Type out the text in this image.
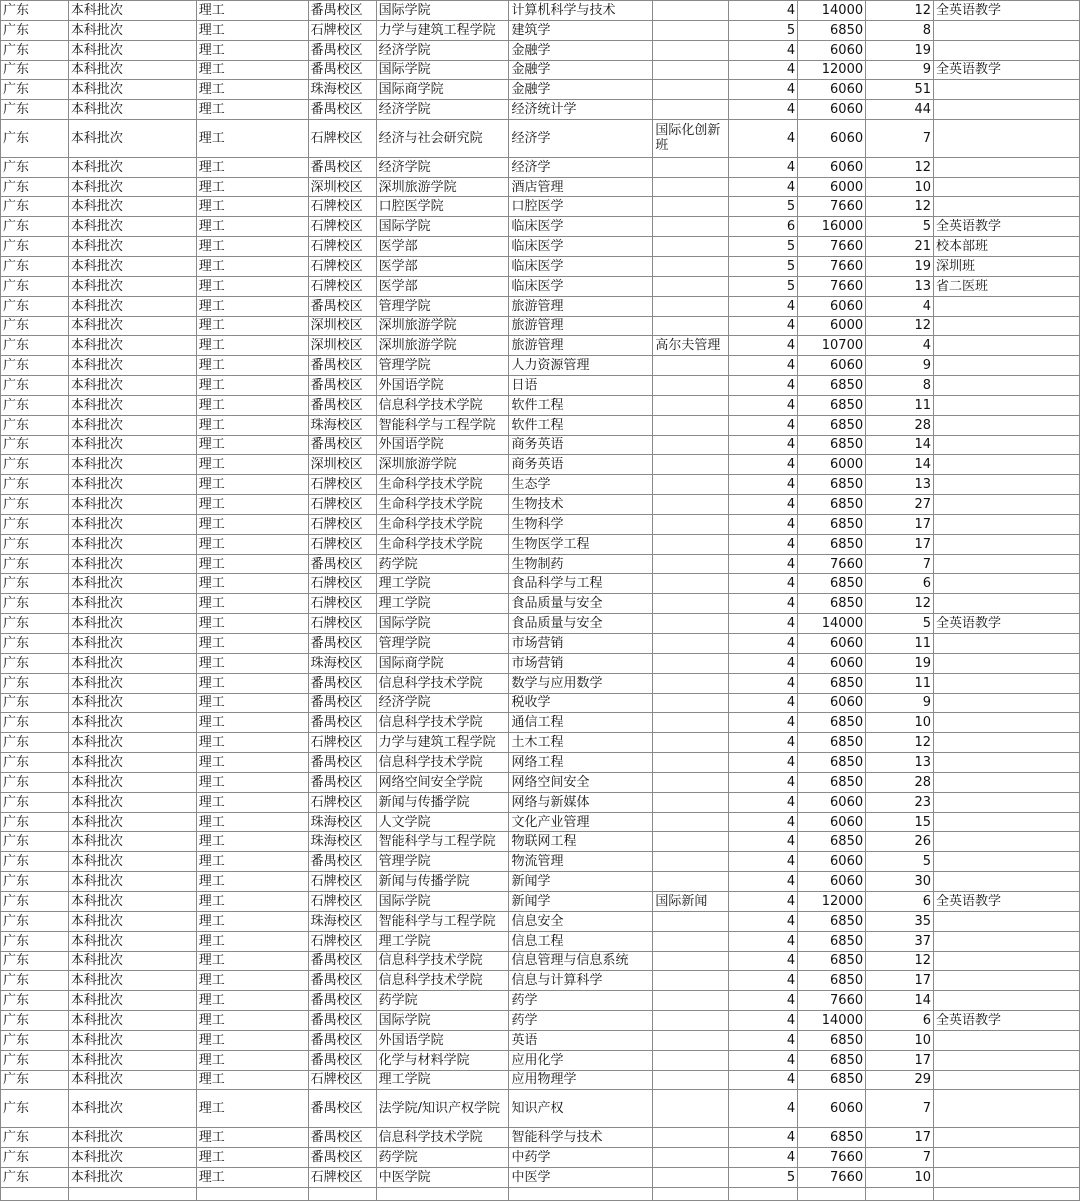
广东	本科批次	理工	番禺校区	国际学院	计算机科学与技术		4	14000	12	全英语教学
广东	本科批次	理工	石牌校区	力学与建筑工程学院	建筑学		5	6850	8	
广东	本科批次	理工	番禺校区	经济学院	金融学		4	6060	19	
广东	本科批次	理工	番禺校区	国际学院	金融学		4	12000	9	全英语教学
广东	本科批次	理工	珠海校区	国际商学院	金融学		4	6060	51	
广东	本科批次	理工	番禺校区	经济学院	经济统计学		4	6060	44	
广东	本科批次	理工	石牌校区	经济与社会研究院	经济学	国际化创新班	4	6060	7	
广东	本科批次	理工	番禺校区	经济学院	经济学		4	6060	12	
广东	本科批次	理工	深圳校区	深圳旅游学院	酒店管理		4	6000	10	
广东	本科批次	理工	石牌校区	口腔医学院	口腔医学		5	7660	12	
广东	本科批次	理工	石牌校区	国际学院	临床医学		6	16000	5	全英语教学
广东	本科批次	理工	石牌校区	医学部	临床医学		5	7660	21	校本部班
广东	本科批次	理工	石牌校区	医学部	临床医学		5	7660	19	深圳班
广东	本科批次	理工	石牌校区	医学部	临床医学		5	7660	13	省二医班
广东	本科批次	理工	番禺校区	管理学院	旅游管理		4	6060	4	
广东	本科批次	理工	深圳校区	深圳旅游学院	旅游管理		4	6000	12	
广东	本科批次	理工	深圳校区	深圳旅游学院	旅游管理	高尔夫管理	4	10700	4	
广东	本科批次	理工	番禺校区	管理学院	人力资源管理		4	6060	9	
广东	本科批次	理工	番禺校区	外国语学院	日语		4	6850	8	
广东	本科批次	理工	番禺校区	信息科学技术学院	软件工程		4	6850	11	
广东	本科批次	理工	珠海校区	智能科学与工程学院	软件工程		4	6850	28	
广东	本科批次	理工	番禺校区	外国语学院	商务英语		4	6850	14	
广东	本科批次	理工	深圳校区	深圳旅游学院	商务英语		4	6000	14	
广东	本科批次	理工	石牌校区	生命科学技术学院	生态学		4	6850	13	
广东	本科批次	理工	石牌校区	生命科学技术学院	生物技术		4	6850	27	
广东	本科批次	理工	石牌校区	生命科学技术学院	生物科学		4	6850	17	
广东	本科批次	理工	石牌校区	生命科学技术学院	生物医学工程		4	6850	17	
广东	本科批次	理工	番禺校区	药学院	生物制药		4	7660	7	
广东	本科批次	理工	石牌校区	理工学院	食品科学与工程		4	6850	6	
广东	本科批次	理工	石牌校区	理工学院	食品质量与安全		4	6850	12	
广东	本科批次	理工	石牌校区	国际学院	食品质量与安全		4	14000	5	全英语教学
广东	本科批次	理工	番禺校区	管理学院	市场营销		4	6060	11	
广东	本科批次	理工	珠海校区	国际商学院	市场营销		4	6060	19	
广东	本科批次	理工	番禺校区	信息科学技术学院	数学与应用数学		4	6850	11	
广东	本科批次	理工	番禺校区	经济学院	税收学		4	6060	9	
广东	本科批次	理工	番禺校区	信息科学技术学院	通信工程		4	6850	10	
广东	本科批次	理工	石牌校区	力学与建筑工程学院	土木工程		4	6850	12	
广东	本科批次	理工	番禺校区	信息科学技术学院	网络工程		4	6850	13	
广东	本科批次	理工	番禺校区	网络空间安全学院	网络空间安全		4	6850	28	
广东	本科批次	理工	石牌校区	新闻与传播学院	网络与新媒体		4	6060	23	
广东	本科批次	理工	珠海校区	人文学院	文化产业管理		4	6060	15	
广东	本科批次	理工	珠海校区	智能科学与工程学院	物联网工程		4	6850	26	
广东	本科批次	理工	番禺校区	管理学院	物流管理		4	6060	5	
广东	本科批次	理工	石牌校区	新闻与传播学院	新闻学		4	6060	30	
广东	本科批次	理工	石牌校区	国际学院	新闻学	国际新闻	4	12000	6	全英语教学
广东	本科批次	理工	珠海校区	智能科学与工程学院	信息安全		4	6850	35	
广东	本科批次	理工	石牌校区	理工学院	信息工程		4	6850	37	
广东	本科批次	理工	番禺校区	信息科学技术学院	信息管理与信息系统		4	6850	12	
广东	本科批次	理工	番禺校区	信息科学技术学院	信息与计算科学		4	6850	17	
广东	本科批次	理工	番禺校区	药学院	药学		4	7660	14	
广东	本科批次	理工	番禺校区	国际学院	药学		4	14000	6	全英语教学
广东	本科批次	理工	番禺校区	外国语学院	英语		4	6850	10	
广东	本科批次	理工	番禺校区	化学与材料学院	应用化学		4	6850	17	
广东	本科批次	理工	石牌校区	理工学院	应用物理学		4	6850	29	
广东	本科批次	理工	番禺校区	法学院/知识产权学院	知识产权		4	6060	7	
广东	本科批次	理工	番禺校区	信息科学技术学院	智能科学与技术		4	6850	17	
广东	本科批次	理工	番禺校区	药学院	中药学		4	7660	7	
广东	本科批次	理工	石牌校区	中医学院	中医学		5	7660	10	
